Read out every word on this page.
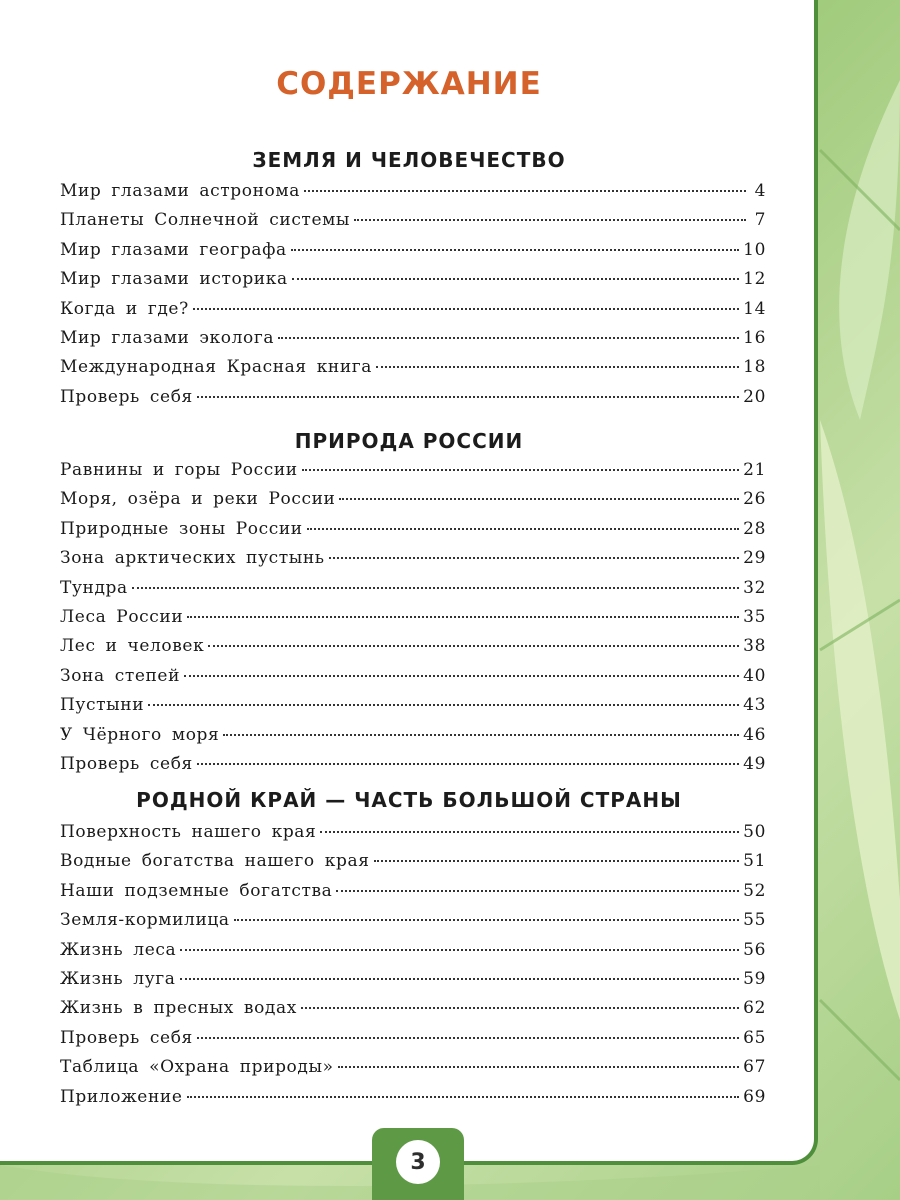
СОДЕРЖАНИЕ
ЗЕМЛЯ И ЧЕЛОВЕЧЕСТВО
Мир глазами астронома	4
Планеты Солнечной системы	7
Мир глазами географа	10
Мир глазами историка	12
Когда и где?	14
Мир глазами эколога	16
Международная Красная книга	18
Проверь себя	20
ПРИРОДА РОССИИ
Равнины и горы России	21
Моря, озёра и реки России	26
Природные зоны России	28
Зона арктических пустынь	29
Тундра	32
Леса России	35
Лес и человек	38
Зона степей	40
Пустыни	43
У Чёрного моря	46
Проверь себя	49
РОДНОЙ КРАЙ — ЧАСТЬ БОЛЬШОЙ СТРАНЫ
Поверхность нашего края	50
Водные богатства нашего края	51
Наши подземные богатства	52
Земля-кормилица	55
Жизнь леса	56
Жизнь луга	59
Жизнь в пресных водах	62
Проверь себя	65
Таблица «Охрана природы»	67
Приложение	69
3
